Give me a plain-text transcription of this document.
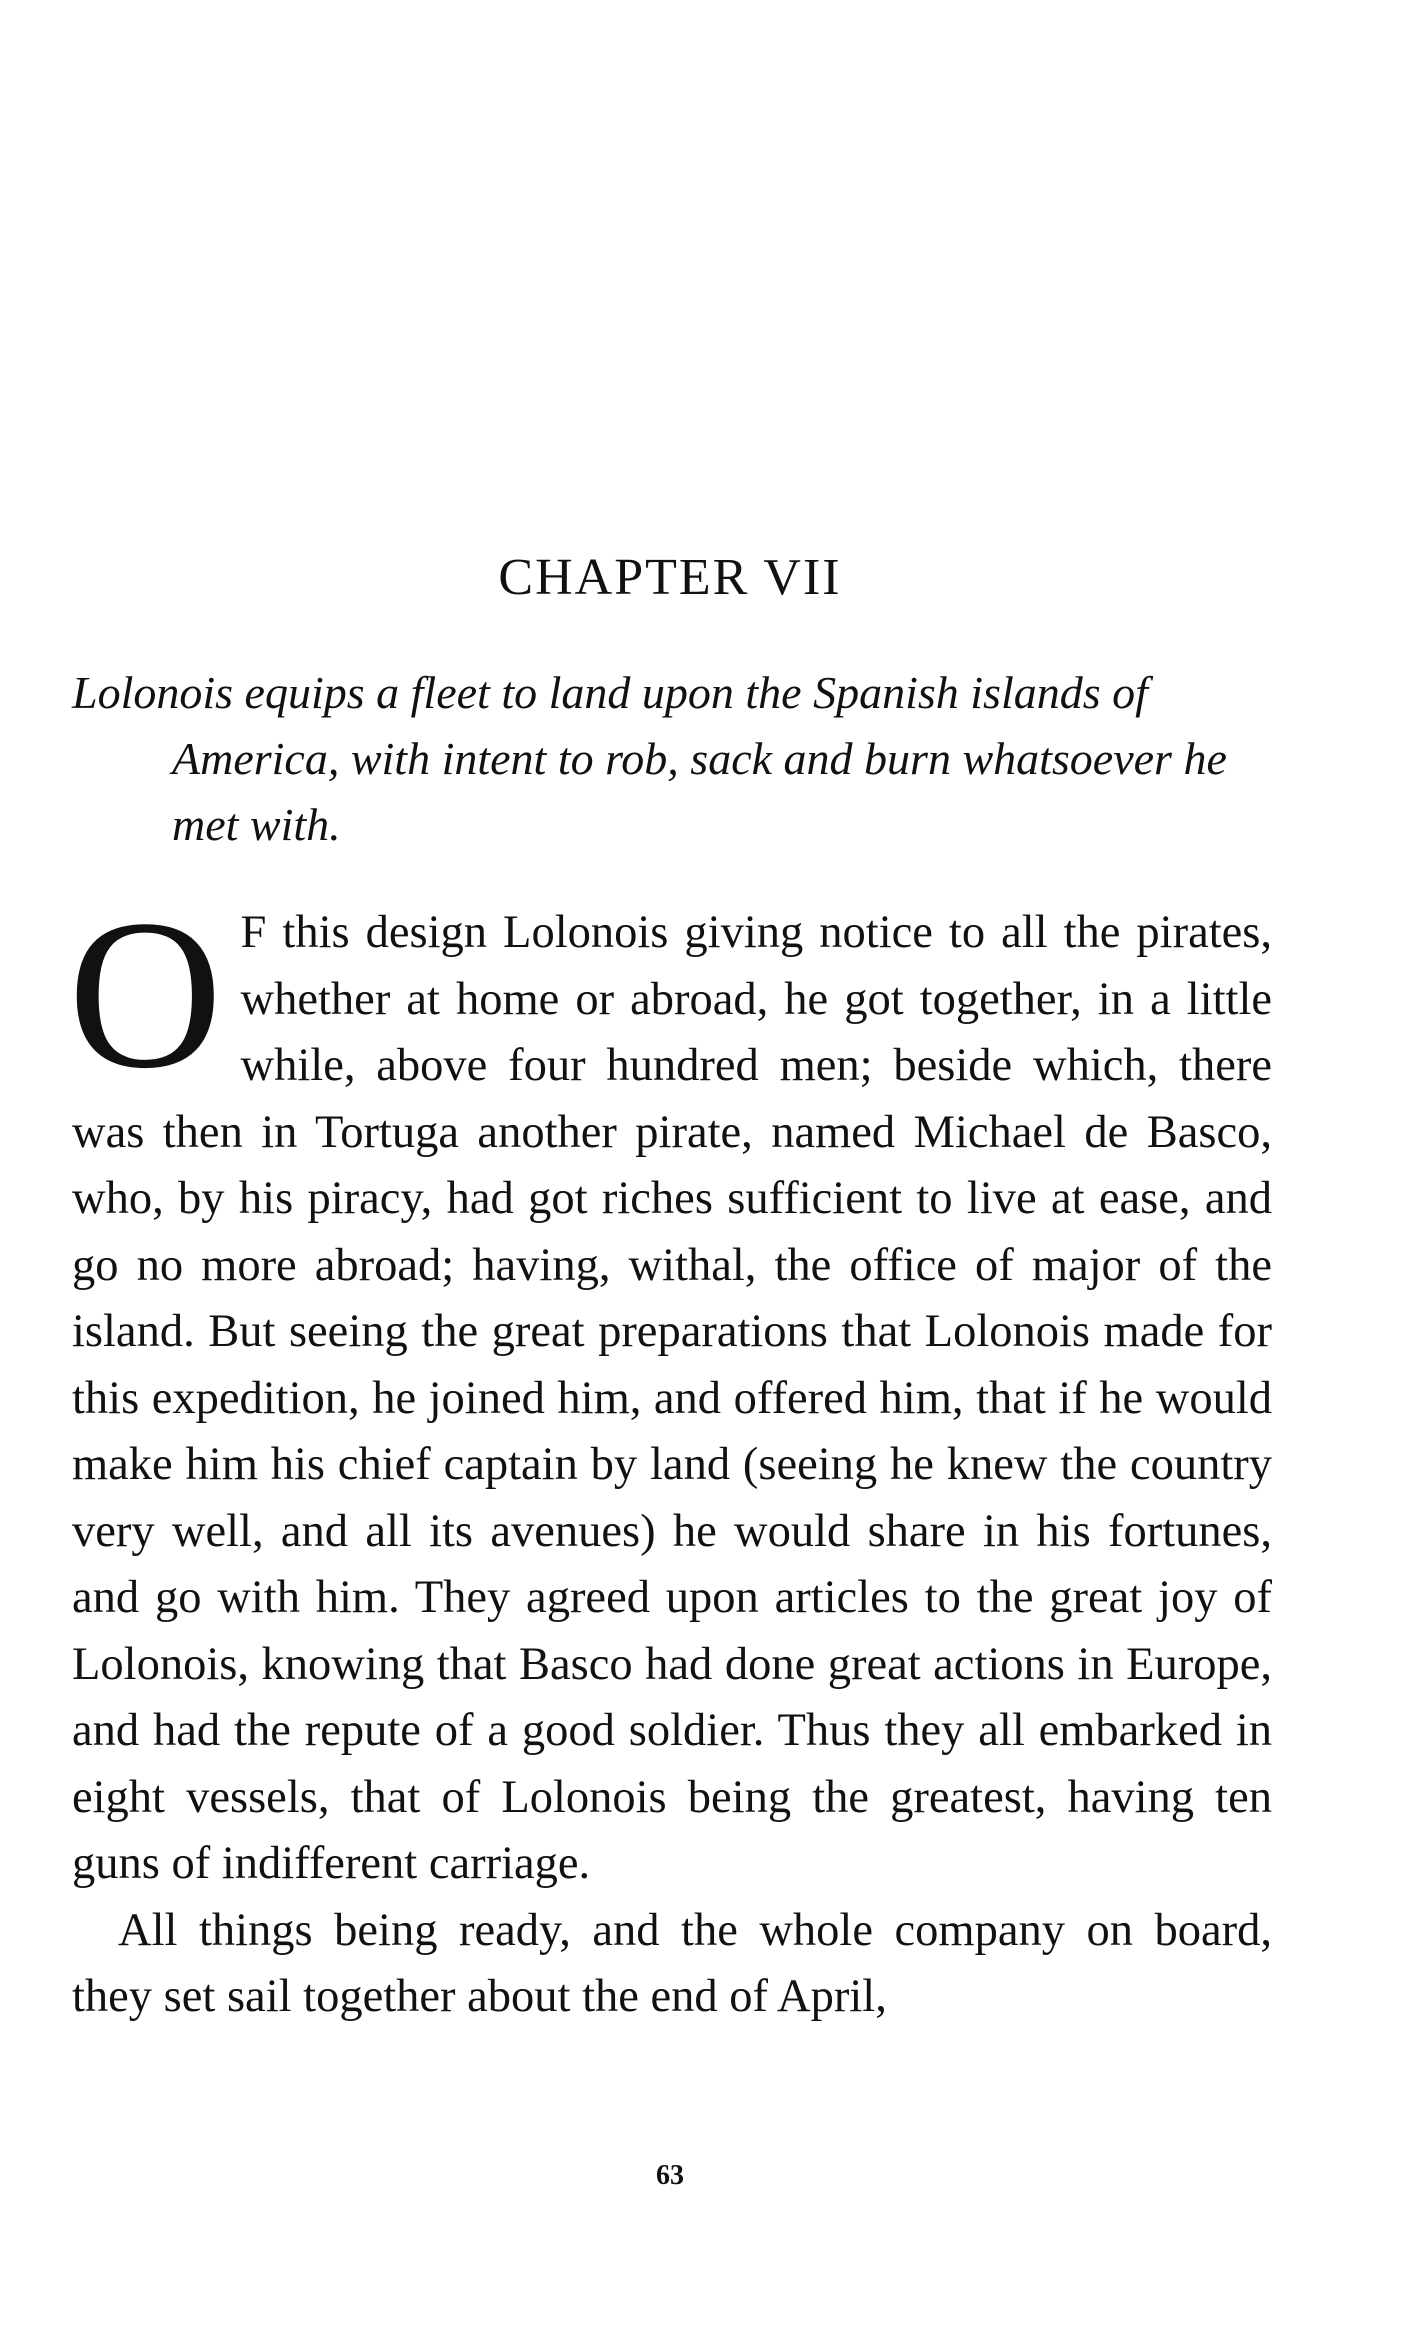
CHAPTER VII
Lolonois equips a fleet to land upon the Spanish islands of America, with intent to rob, sack and burn whatsoever he met with.

O F this design Lolonois giving notice to all the pirates, whether at home or abroad, he got together, in a little while, above four hundred men; beside which, there was then in Tortuga another pirate, named Michael de Basco, who, by his piracy, had got riches sufficient to live at ease, and go no more abroad; having, withal, the office of major of the island. But seeing the great preparations that Lolonois made for this expedition, he joined him, and offered him, that if he would make him his chief captain by land (seeing he knew the country very well, and all its avenues) he would share in his fortunes, and go with him. They agreed upon articles to the great joy of Lolonois, knowing that Basco had done great actions in Europe, and had the repute of a good soldier. Thus they all embarked in eight vessels, that of Lolonois being the greatest, having ten guns of indifferent carriage.

All things being ready, and the whole company on board, they set sail together about the end of April,

63
